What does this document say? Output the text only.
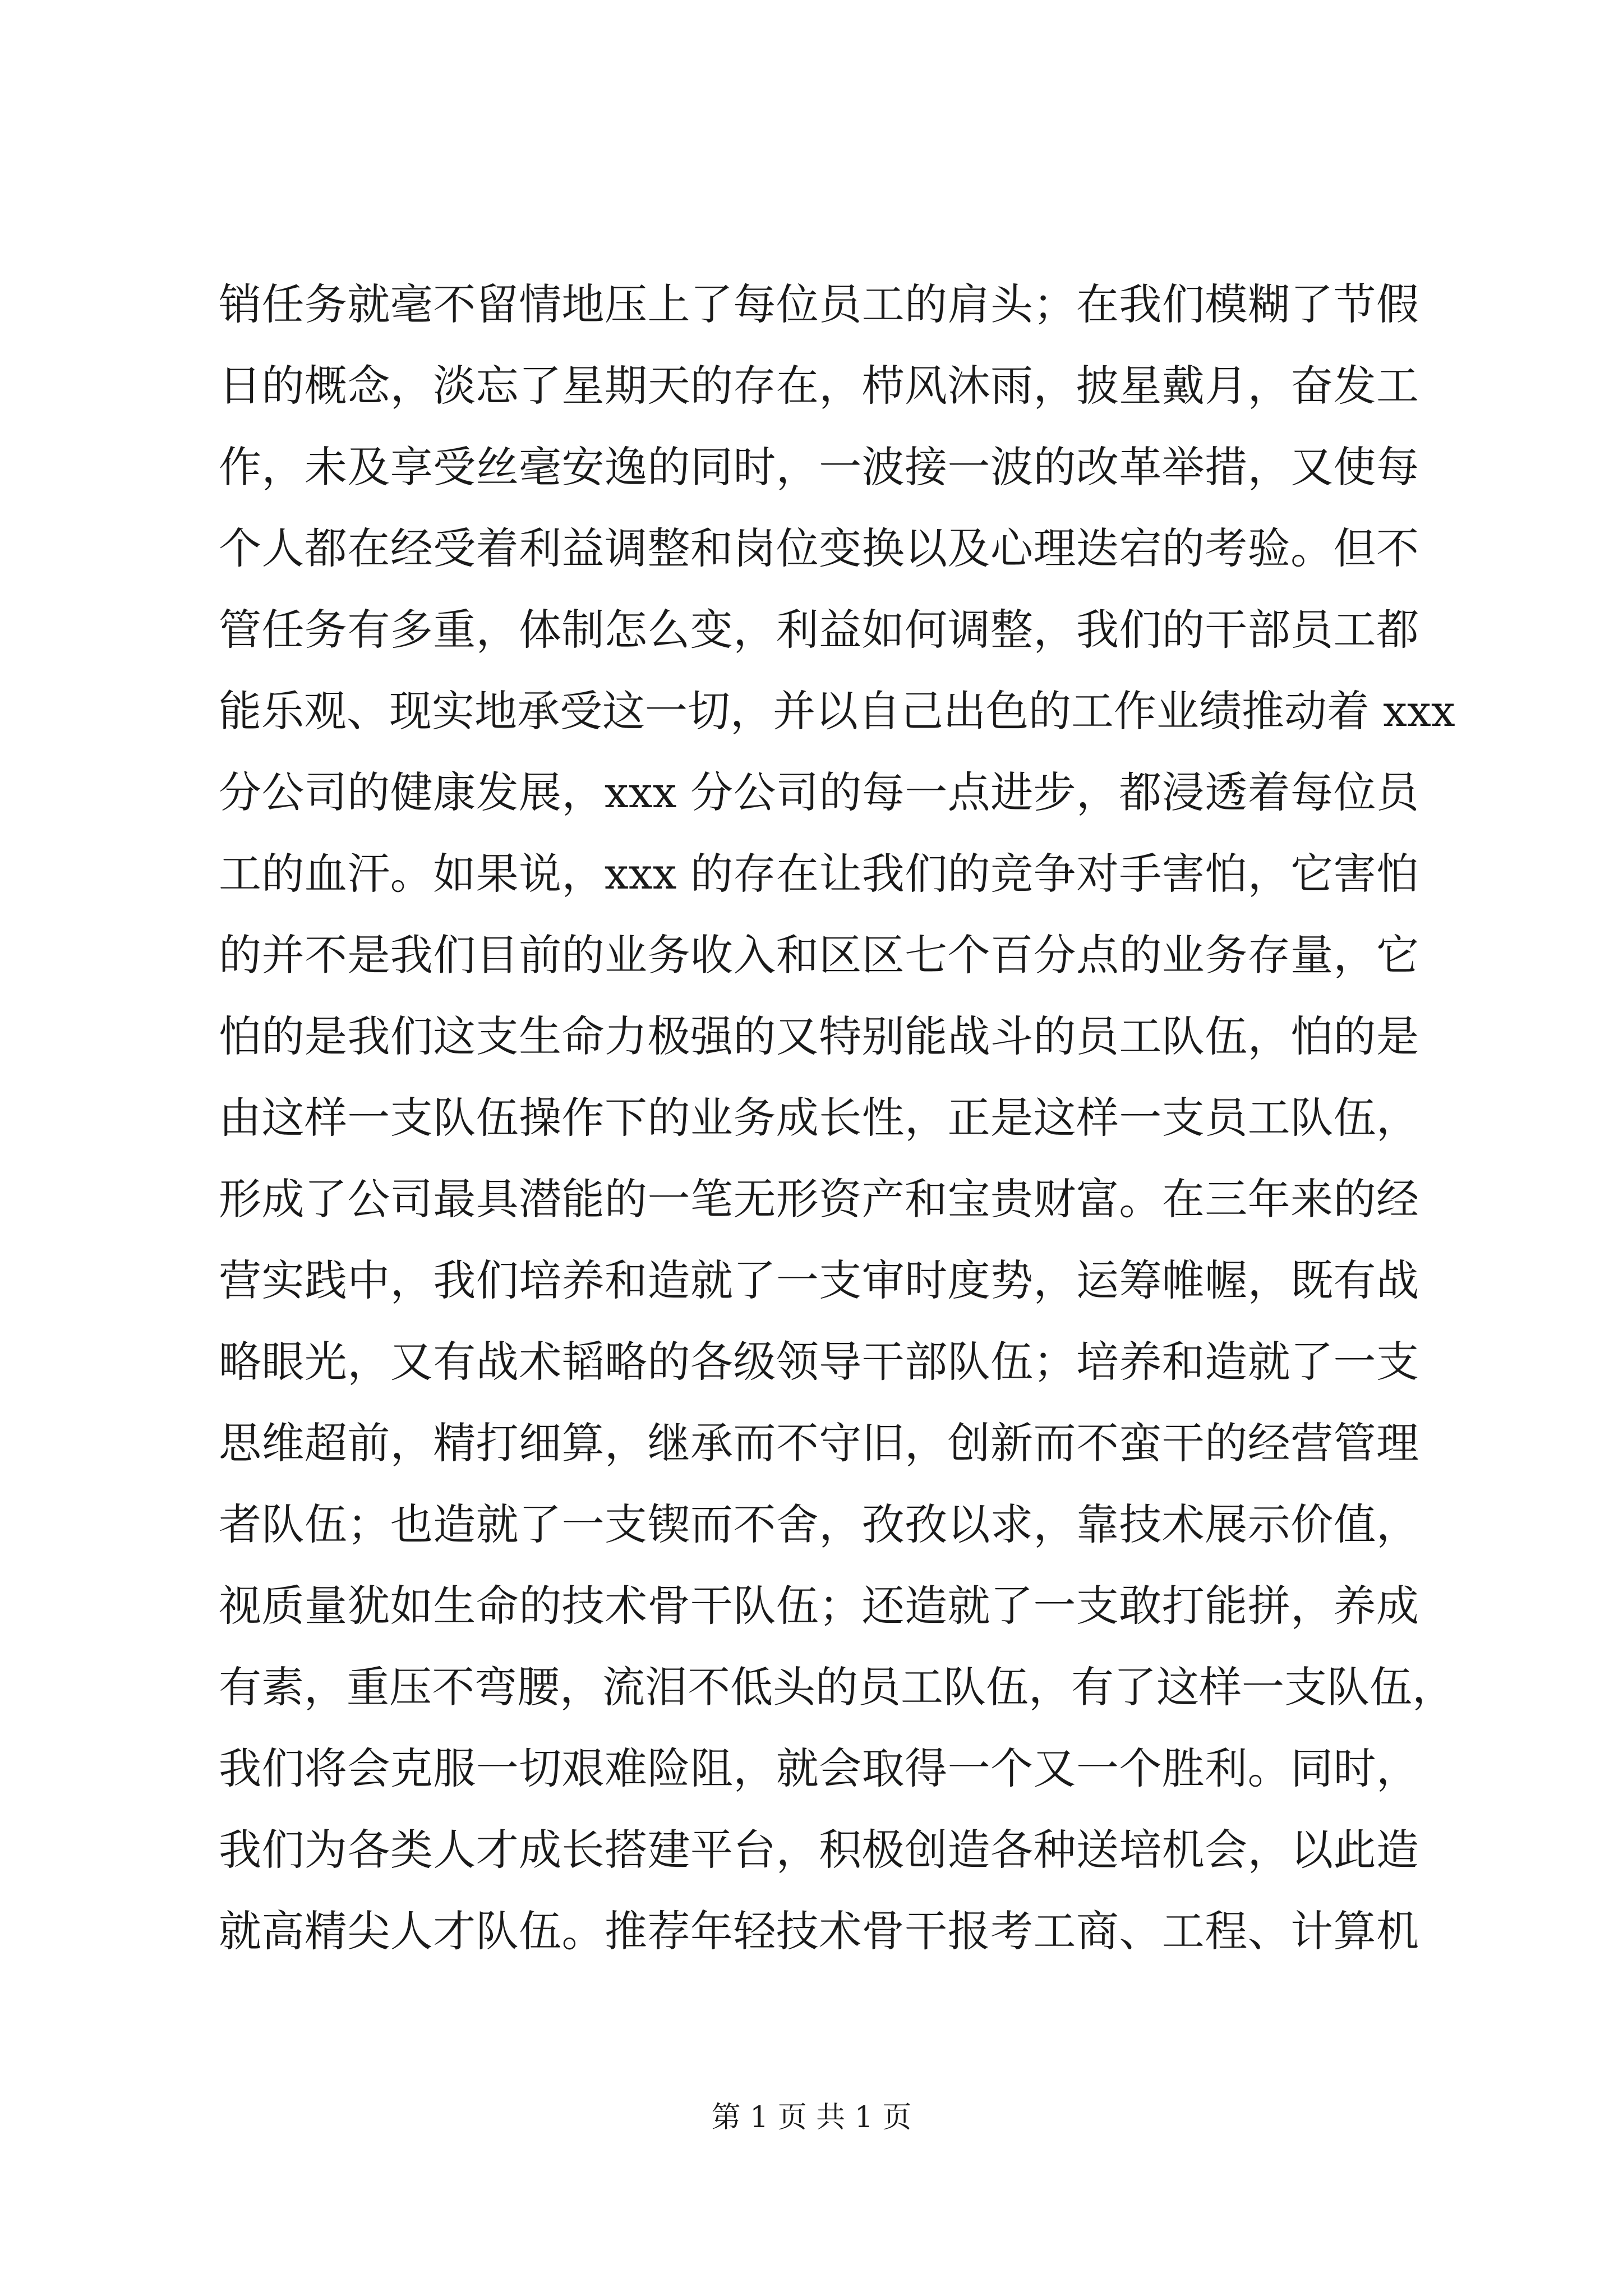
销任务就毫不留情地压上了每位员工的肩头；在我们模糊了节假
日的概念，淡忘了星期天的存在，栉风沐雨，披星戴月，奋发工
作，未及享受丝毫安逸的同时，一波接一波的改革举措，又使每
个人都在经受着利益调整和岗位变换以及心理迭宕的考验。但不
管任务有多重，体制怎么变，利益如何调整，我们的干部员工都
能乐观、现实地承受这一切，并以自己出色的工作业绩推动着 xxx
分公司的健康发展，xxx 分公司的每一点进步，都浸透着每位员
工的血汗。如果说，xxx 的存在让我们的竞争对手害怕，它害怕
的并不是我们目前的业务收入和区区七个百分点的业务存量，它
怕的是我们这支生命力极强的又特别能战斗的员工队伍，怕的是
由这样一支队伍操作下的业务成长性，正是这样一支员工队伍，
形成了公司最具潜能的一笔无形资产和宝贵财富。在三年来的经
营实践中，我们培养和造就了一支审时度势，运筹帷幄，既有战
略眼光，又有战术韬略的各级领导干部队伍；培养和造就了一支
思维超前，精打细算，继承而不守旧，创新而不蛮干的经营管理
者队伍；也造就了一支锲而不舍，孜孜以求，靠技术展示价值，
视质量犹如生命的技术骨干队伍；还造就了一支敢打能拼，养成
有素，重压不弯腰，流泪不低头的员工队伍，有了这样一支队伍，
我们将会克服一切艰难险阻，就会取得一个又一个胜利。同时，
我们为各类人才成长搭建平台，积极创造各种送培机会，以此造
就高精尖人才队伍。推荐年轻技术骨干报考工商、工程、计算机
第 1 页 共 1 页
